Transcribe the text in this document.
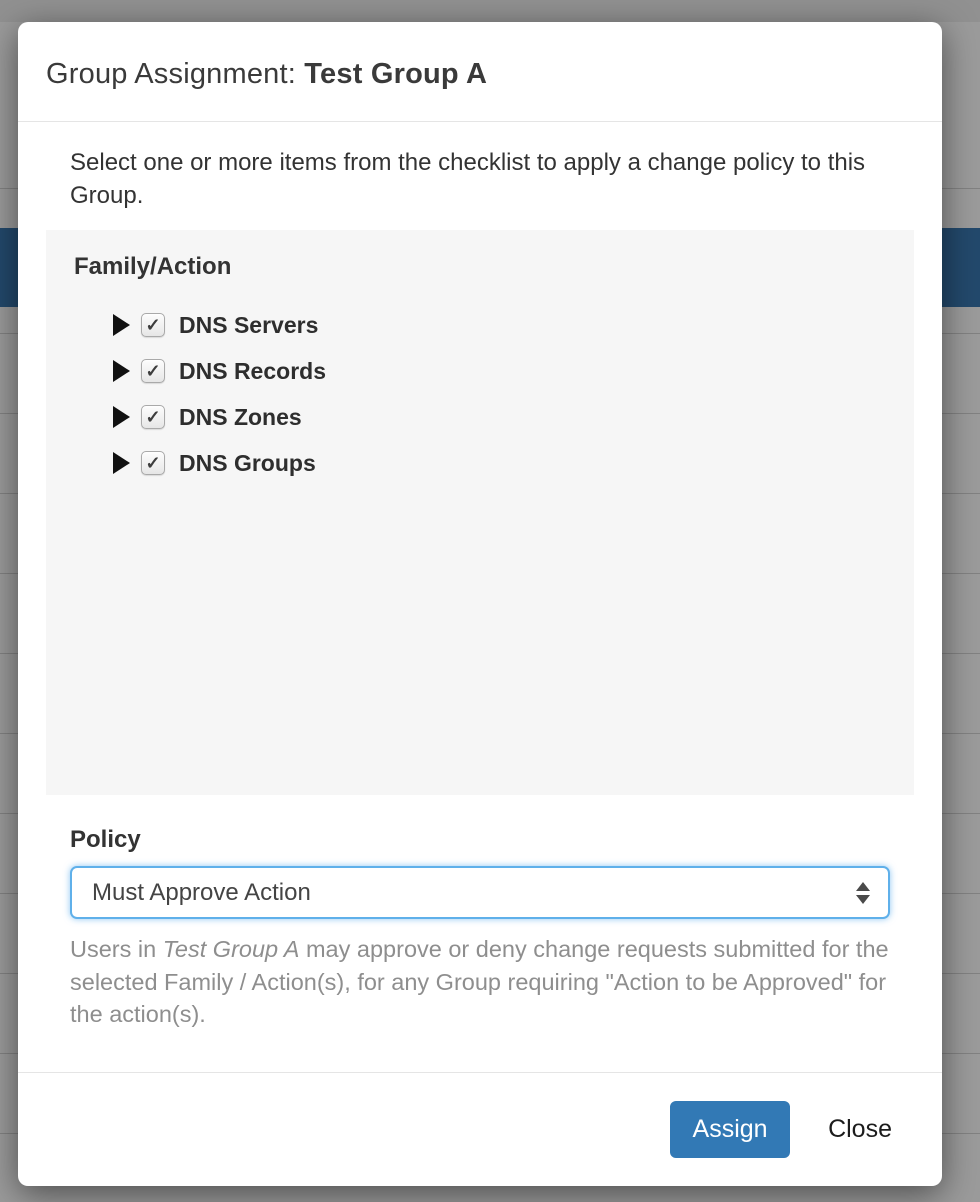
Group Assignment: Test Group A

Select one or more items from the checklist to apply a change policy to this Group.

Family/Action
✓ DNS Servers
✓ DNS Records
✓ DNS Zones
✓ DNS Groups
Policy
Must Approve Action

Users in Test Group A may approve or deny change requests submitted for the selected Family / Action(s), for any Group requiring "Action to be Approved" for the action(s).

Assign	Close
